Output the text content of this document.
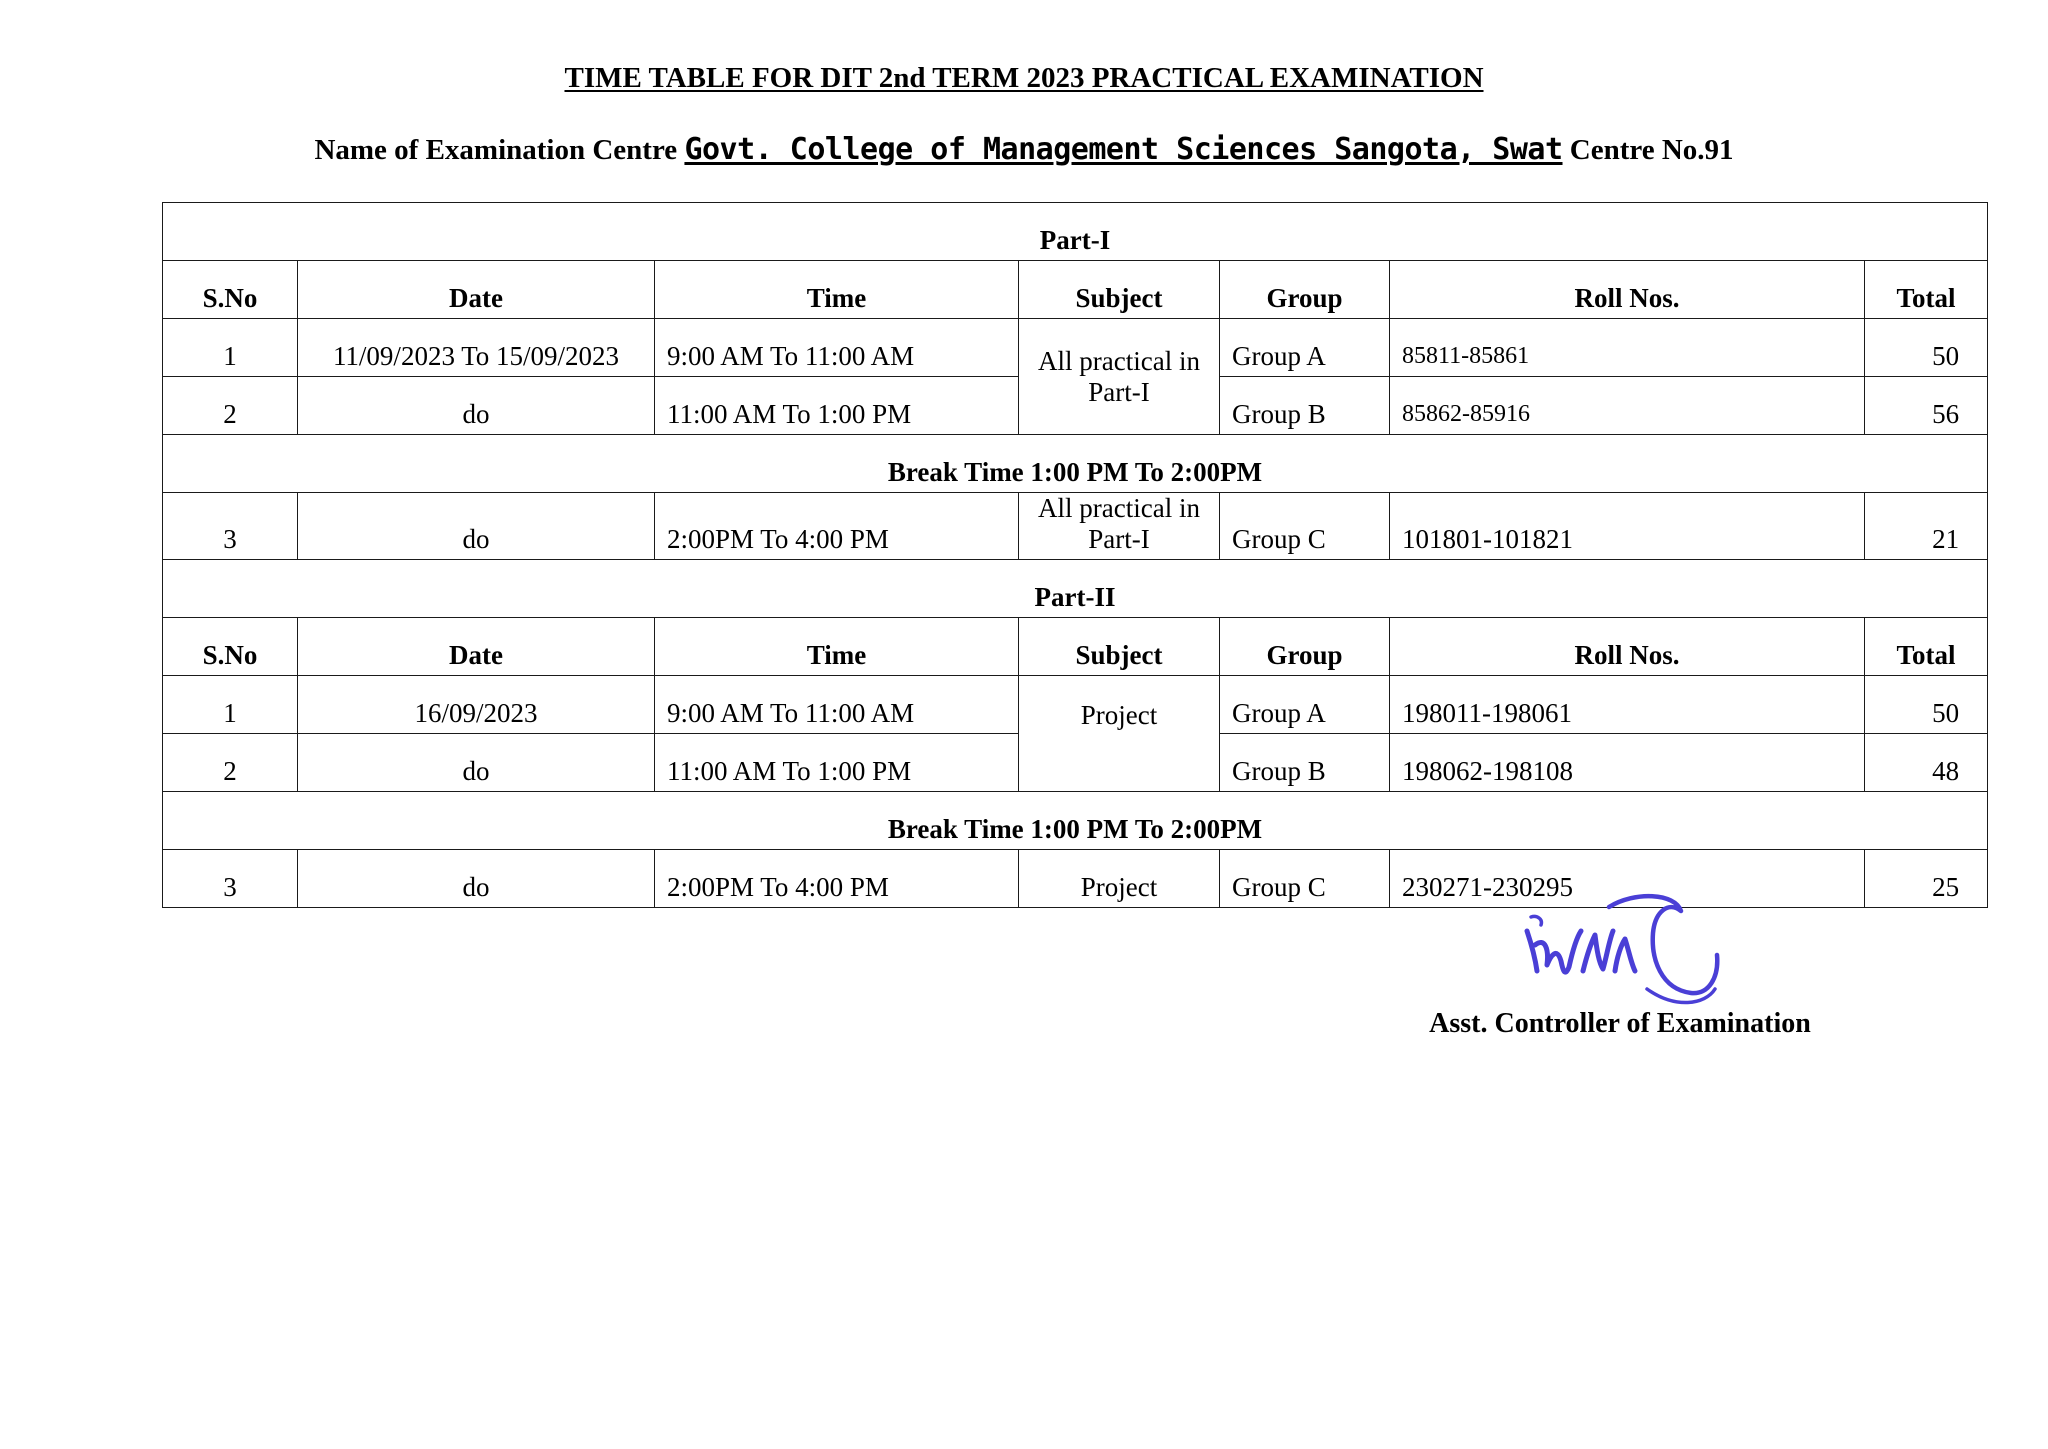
TIME TABLE FOR DIT 2nd TERM 2023 PRACTICAL EXAMINATION
Name of Examination Centre Govt. College of Management Sciences Sangota, Swat Centre No.91
Part-I						
S.No	Date	Time	Subject	Group	Roll Nos.	Total
1	11/09/2023 To 15/09/2023	9:00 AM To 11:00 AM	All practical in Part-I	Group A	85811-85861	50
2	do	11:00 AM To 1:00 PM		Group B	85862-85916	56
Break Time 1:00 PM To 2:00PM						
3	do	2:00PM To 4:00 PM	All practical in Part-I	Group C	101801-101821	21
Part-II						
S.No	Date	Time	Subject	Group	Roll Nos.	Total
1	16/09/2023	9:00 AM To 11:00 AM	Project	Group A	198011-198061	50
2	do	11:00 AM To 1:00 PM		Group B	198062-198108	48
Break Time 1:00 PM To 2:00PM						
3	do	2:00PM To 4:00 PM	Project	Group C	230271-230295	25
Asst. Controller of Examination
